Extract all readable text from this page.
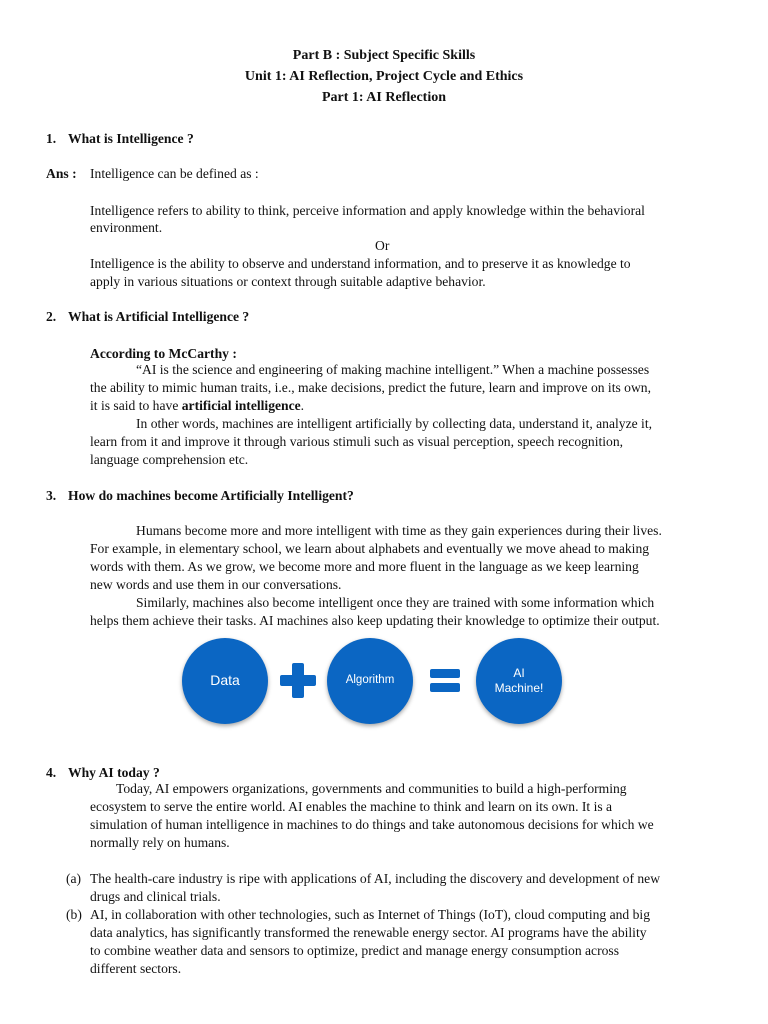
Part B : Subject Specific Skills
Unit 1: AI Reflection, Project Cycle and Ethics
Part 1: AI Reflection
1. What is Intelligence ?
Ans : Intelligence can be defined as :
Intelligence refers to ability to think, perceive information and apply knowledge within the behavioral
environment.
Or
Intelligence is the ability to observe and understand information, and to preserve it as knowledge to
apply in various situations or context through suitable adaptive behavior.
2. What is Artificial Intelligence ?
According to McCarthy :
“AI is the science and engineering of making machine intelligent.” When a machine possesses
the ability to mimic human traits, i.e., make decisions, predict the future, learn and improve on its own,
it is said to have artificial intelligence.
In other words, machines are intelligent artificially by collecting data, understand it, analyze it,
learn from it and improve it through various stimuli such as visual perception, speech recognition,
language comprehension etc.
3. How do machines become Artificially Intelligent?
Humans become more and more intelligent with time as they gain experiences during their lives.
For example, in elementary school, we learn about alphabets and eventually we move ahead to making
words with them. As we grow, we become more and more fluent in the language as we keep learning
new words and use them in our conversations.
Similarly, machines also become intelligent once they are trained with some information which
helps them achieve their tasks. AI machines also keep updating their knowledge to optimize their output.
Data	Algorithm
AI
Machine!
4. Why AI today ?
Today, AI empowers organizations, governments and communities to build a high-performing
ecosystem to serve the entire world. AI enables the machine to think and learn on its own. It is a
simulation of human intelligence in machines to do things and take autonomous decisions for which we
normally rely on humans.
(a) The health-care industry is ripe with applications of AI, including the discovery and development of new
drugs and clinical trials.
(b) AI, in collaboration with other technologies, such as Internet of Things (IoT), cloud computing and big
data analytics, has significantly transformed the renewable energy sector. AI programs have the ability
to combine weather data and sensors to optimize, predict and manage energy consumption across
different sectors.
